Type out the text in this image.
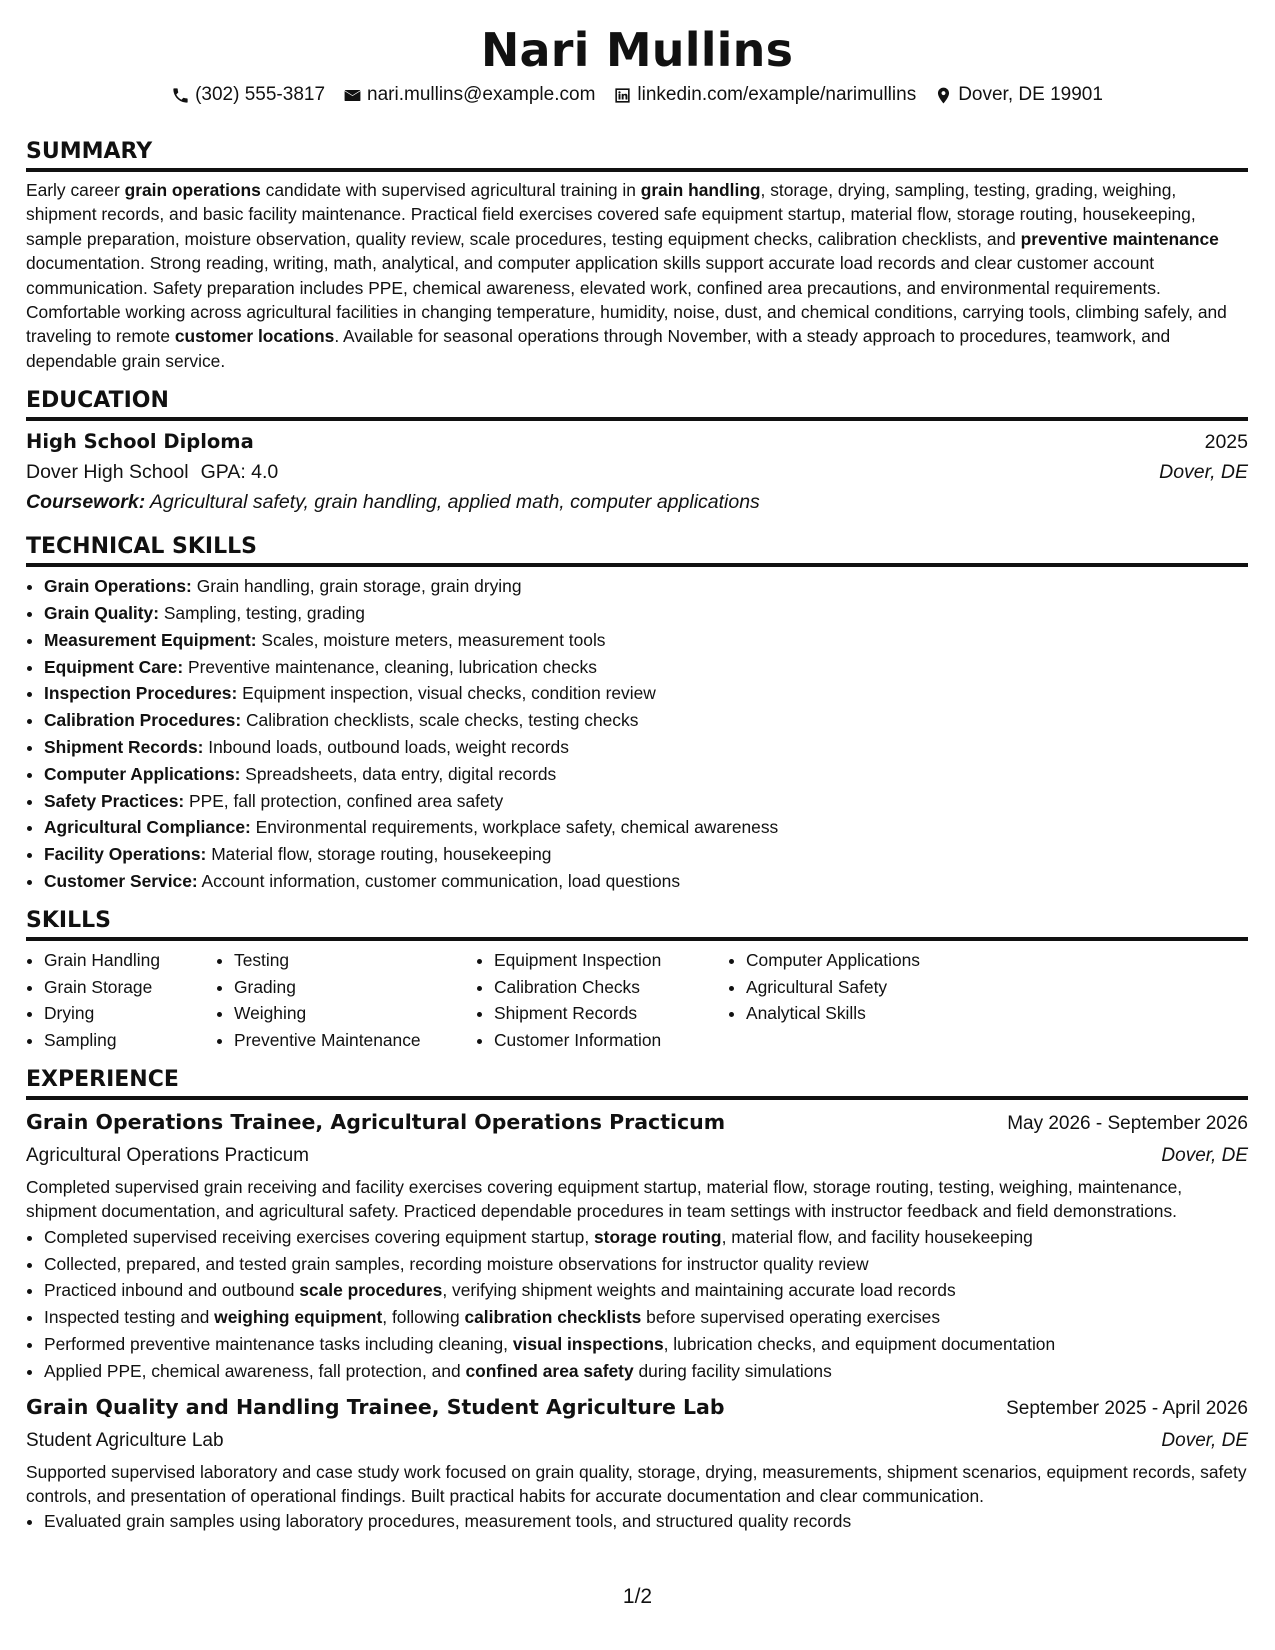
Nari Mullins
(302) 555-3817 nari.mullins@example.com linkedin.com/example/narimullins Dover, DE 19901
SUMMARY

Early career grain operations candidate with supervised agricultural training in grain handling, storage, drying, sampling, testing, grading, weighing, shipment records, and basic facility maintenance. Practical field exercises covered safe equipment startup, material flow, storage routing, housekeeping, sample preparation, moisture observation, quality review, scale procedures, testing equipment checks, calibration checklists, and preventive maintenance documentation. Strong reading, writing, math, analytical, and computer application skills support accurate load records and clear customer account communication. Safety preparation includes PPE, chemical awareness, elevated work, confined area precautions, and environmental requirements. Comfortable working across agricultural facilities in changing temperature, humidity, noise, dust, and chemical conditions, carrying tools, climbing safely, and traveling to remote customer locations. Available for seasonal operations through November, with a steady approach to procedures, teamwork, and dependable grain service.

EDUCATION
High School Diploma	2025
Dover High School GPA: 4.0	Dover, DE
Coursework: Agricultural safety, grain handling, applied math, computer applications
TECHNICAL SKILLS
• Grain Operations: Grain handling, grain storage, grain drying
• Grain Quality: Sampling, testing, grading
• Measurement Equipment: Scales, moisture meters, measurement tools
• Equipment Care: Preventive maintenance, cleaning, lubrication checks
• Inspection Procedures: Equipment inspection, visual checks, condition review
• Calibration Procedures: Calibration checklists, scale checks, testing checks
• Shipment Records: Inbound loads, outbound loads, weight records
• Computer Applications: Spreadsheets, data entry, digital records
• Safety Practices: PPE, fall protection, confined area safety
• Agricultural Compliance: Environmental requirements, workplace safety, chemical awareness
• Facility Operations: Material flow, storage routing, housekeeping
• Customer Service: Account information, customer communication, load questions
SKILLS
• Grain Handling
• Grain Storage
• Drying
• Sampling
• Testing
• Grading
• Weighing
• Preventive Maintenance
• Equipment Inspection
• Calibration Checks
• Shipment Records
• Customer Information
• Computer Applications
• Agricultural Safety
• Analytical Skills
EXPERIENCE
Grain Operations Trainee, Agricultural Operations Practicum	May 2026 - September 2026
Agricultural Operations Practicum	Dover, DE

Completed supervised grain receiving and facility exercises covering equipment startup, material flow, storage routing, testing, weighing, maintenance, shipment documentation, and agricultural safety. Practiced dependable procedures in team settings with instructor feedback and field demonstrations.

• Completed supervised receiving exercises covering equipment startup, storage routing, material flow, and facility housekeeping
• Collected, prepared, and tested grain samples, recording moisture observations for instructor quality review
• Practiced inbound and outbound scale procedures, verifying shipment weights and maintaining accurate load records
• Inspected testing and weighing equipment, following calibration checklists before supervised operating exercises
• Performed preventive maintenance tasks including cleaning, visual inspections, lubrication checks, and equipment documentation
• Applied PPE, chemical awareness, fall protection, and confined area safety during facility simulations
Grain Quality and Handling Trainee, Student Agriculture Lab	September 2025 - April 2026
Student Agriculture Lab	Dover, DE

Supported supervised laboratory and case study work focused on grain quality, storage, drying, measurements, shipment scenarios, equipment records, safety controls, and presentation of operational findings. Built practical habits for accurate documentation and clear communication.

• Evaluated grain samples using laboratory procedures, measurement tools, and structured quality records
1/2
